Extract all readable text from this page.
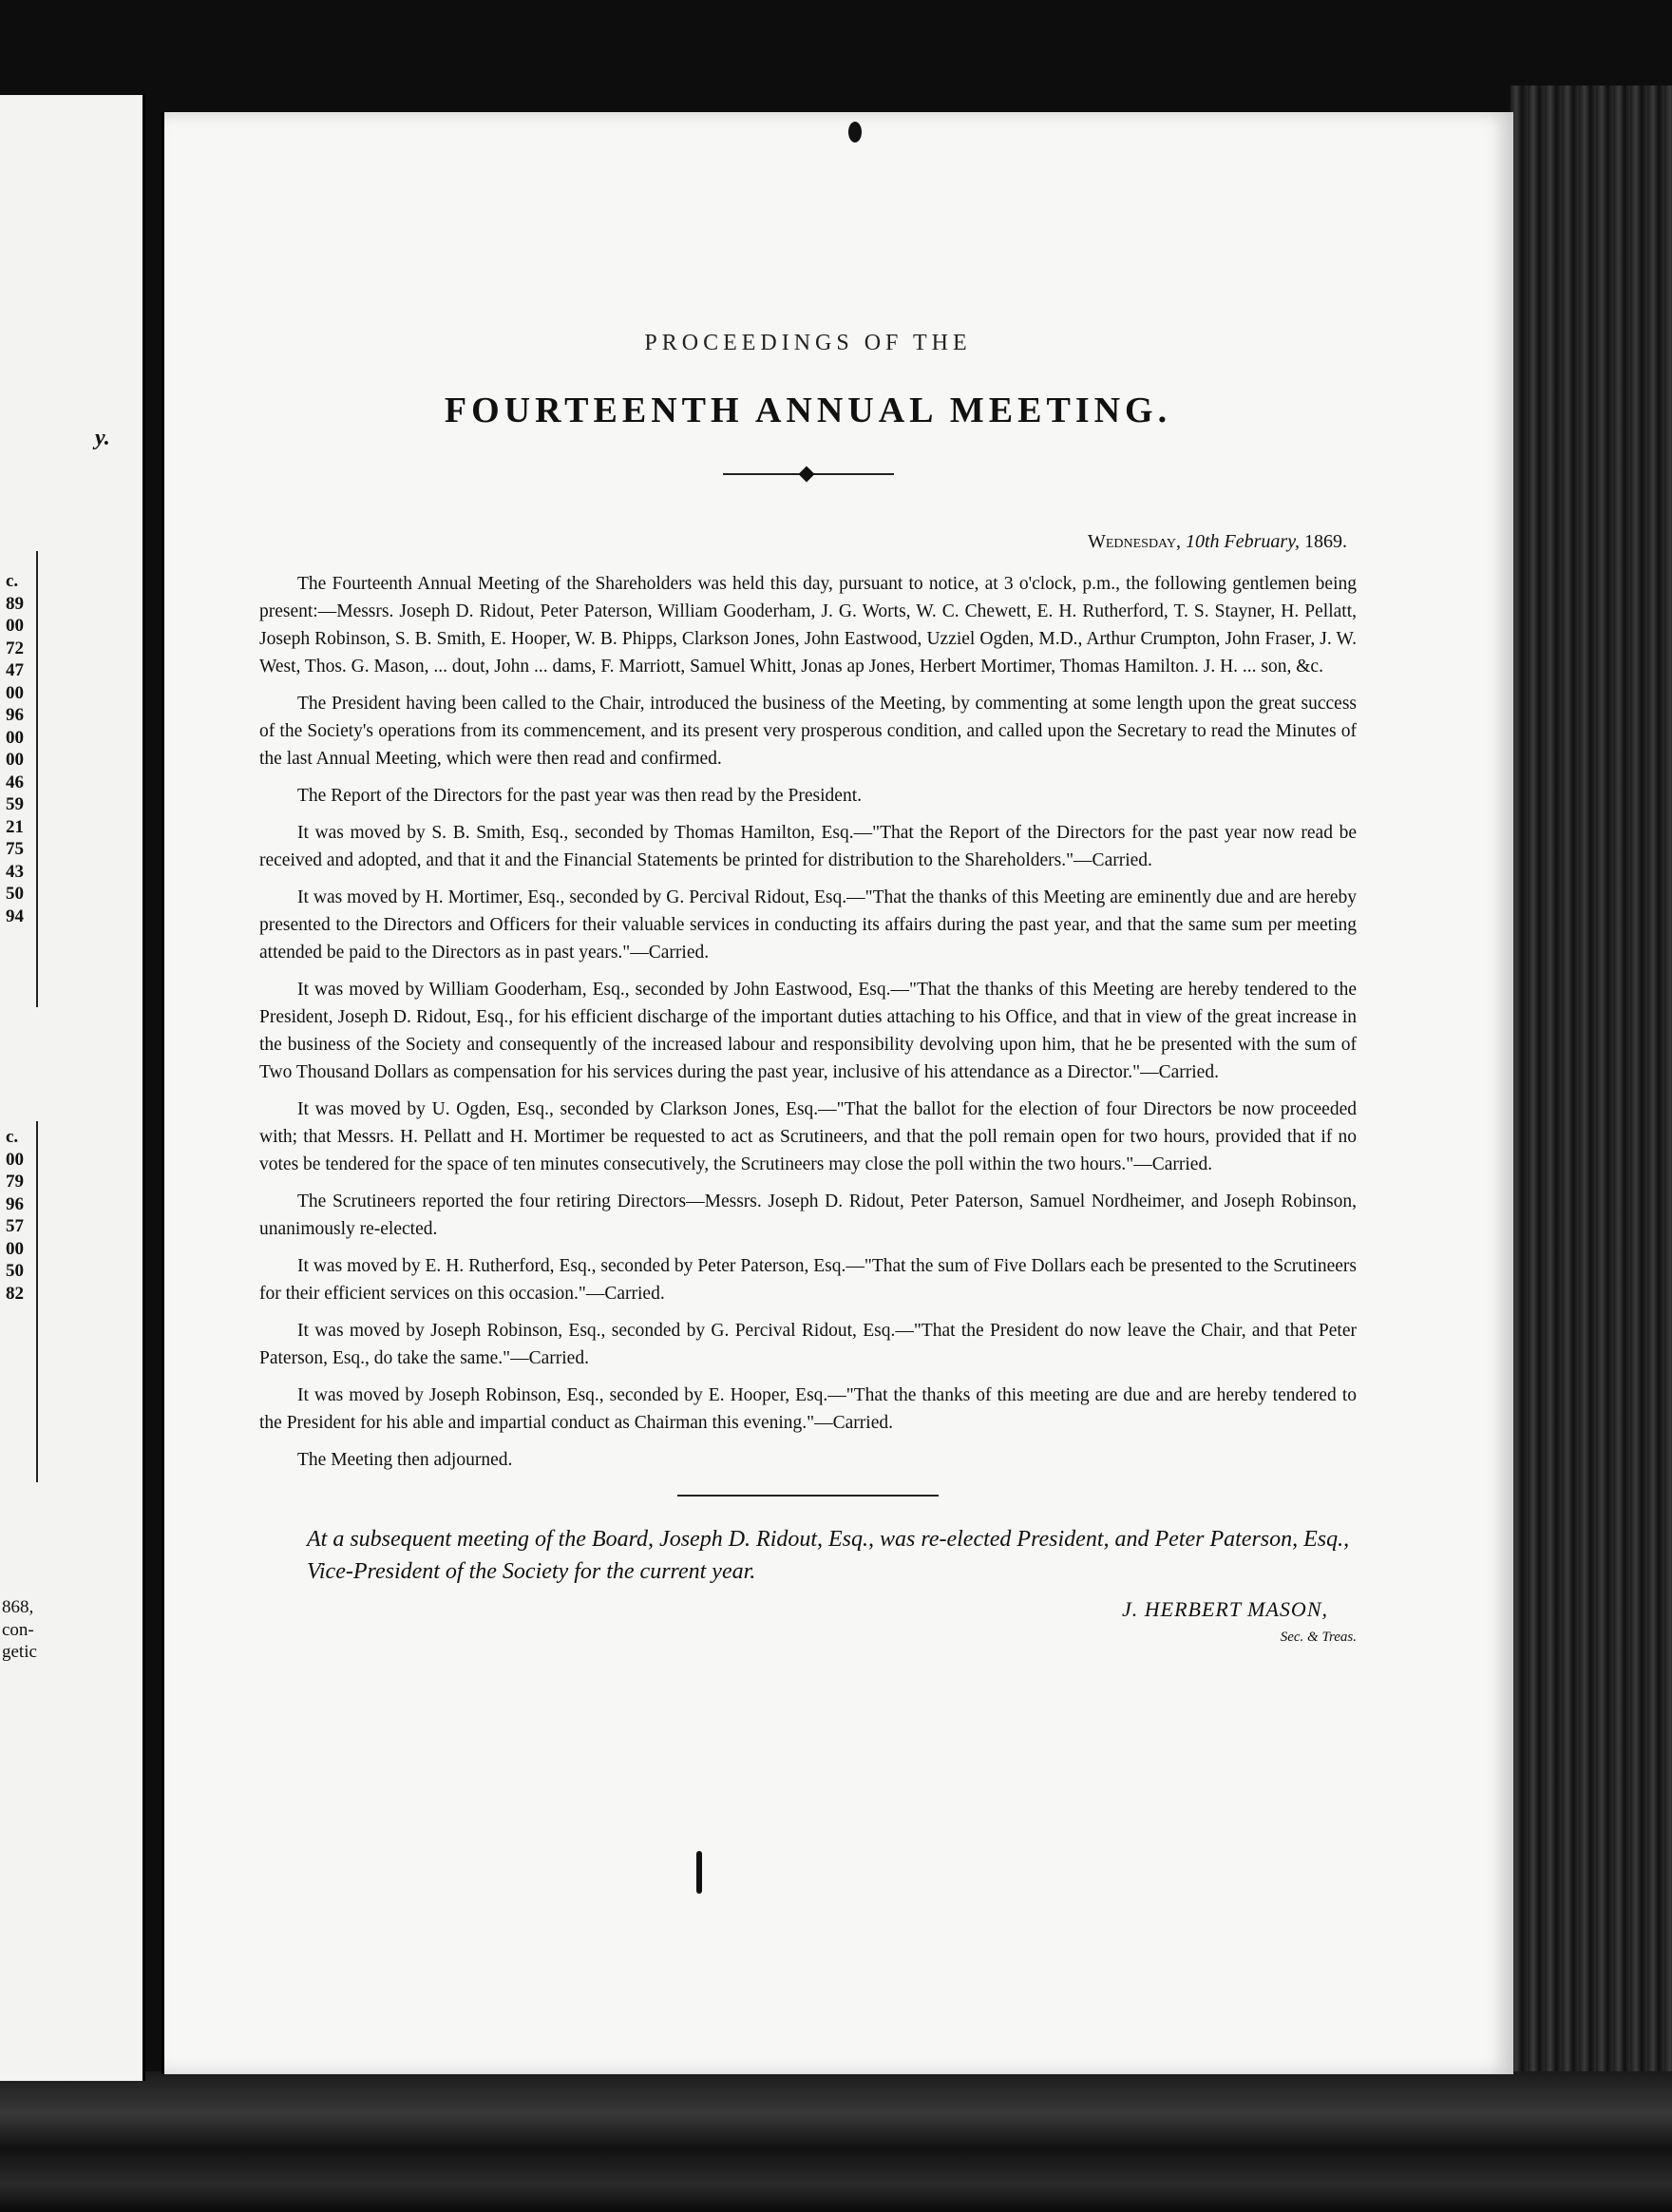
y.
c.
89
00
72
47
00
96
00
00
46
59
21
75
43
50
94
c.
00
79
96
57
00
50
82
868,
con-
getic
PROCEEDINGS OF THE
FOURTEENTH ANNUAL MEETING.
Wednesday, 10th February, 1869.
The Fourteenth Annual Meeting of the Shareholders was held this day, pursuant to notice, at 3 o'clock, p.m., the following gentlemen being present:—Messrs. Joseph D. Ridout, Peter Paterson, William Gooderham, J. G. Worts, W. C. Chewett, E. H. Rutherford, T. S. Stayner, H. Pellatt, Joseph Robinson, S. B. Smith, E. Hooper, W. B. Phipps, Clarkson Jones, John Eastwood, Uzziel Ogden, M.D., Arthur Crumpton, John Fraser, J. W. West, Thos. G. Mason, ... dout, John ... dams, F. Marriott, Samuel Whitt, Jonas ap Jones, Herbert Mortimer, Thomas Hamilton. J. H. ... son, &c.
The President having been called to the Chair, introduced the business of the Meeting, by commenting at some length upon the great success of the Society's operations from its commencement, and its present very prosperous condition, and called upon the Secretary to read the Minutes of the last Annual Meeting, which were then read and confirmed.
The Report of the Directors for the past year was then read by the President.
It was moved by S. B. Smith, Esq., seconded by Thomas Hamilton, Esq.—"That the Report of the Directors for the past year now read be received and adopted, and that it and the Financial Statements be printed for distribution to the Shareholders."—Carried.
It was moved by H. Mortimer, Esq., seconded by G. Percival Ridout, Esq.—"That the thanks of this Meeting are eminently due and are hereby presented to the Directors and Officers for their valuable services in conducting its affairs during the past year, and that the same sum per meeting attended be paid to the Directors as in past years."—Carried.
It was moved by William Gooderham, Esq., seconded by John Eastwood, Esq.—"That the thanks of this Meeting are hereby tendered to the President, Joseph D. Ridout, Esq., for his efficient discharge of the important duties attaching to his Office, and that in view of the great increase in the business of the Society and consequently of the increased labour and responsibility devolving upon him, that he be presented with the sum of Two Thousand Dollars as compensation for his services during the past year, inclusive of his attendance as a Director."—Carried.
It was moved by U. Ogden, Esq., seconded by Clarkson Jones, Esq.—"That the ballot for the election of four Directors be now proceeded with; that Messrs. H. Pellatt and H. Mortimer be requested to act as Scrutineers, and that the poll remain open for two hours, provided that if no votes be tendered for the space of ten minutes consecutively, the Scrutineers may close the poll within the two hours."—Carried.
The Scrutineers reported the four retiring Directors—Messrs. Joseph D. Ridout, Peter Paterson, Samuel Nordheimer, and Joseph Robinson, unanimously re-elected.
It was moved by E. H. Rutherford, Esq., seconded by Peter Paterson, Esq.—"That the sum of Five Dollars each be presented to the Scrutineers for their efficient services on this occasion."—Carried.
It was moved by Joseph Robinson, Esq., seconded by G. Percival Ridout, Esq.—"That the President do now leave the Chair, and that Peter Paterson, Esq., do take the same."—Carried.
It was moved by Joseph Robinson, Esq., seconded by E. Hooper, Esq.—"That the thanks of this meeting are due and are hereby tendered to the President for his able and impartial conduct as Chairman this evening."—Carried.
The Meeting then adjourned.
At a subsequent meeting of the Board, Joseph D. Ridout, Esq., was re-elected President, and Peter Paterson, Esq., Vice-President of the Society for the current year.
J. HERBERT MASON,
Sec. & Treas.
